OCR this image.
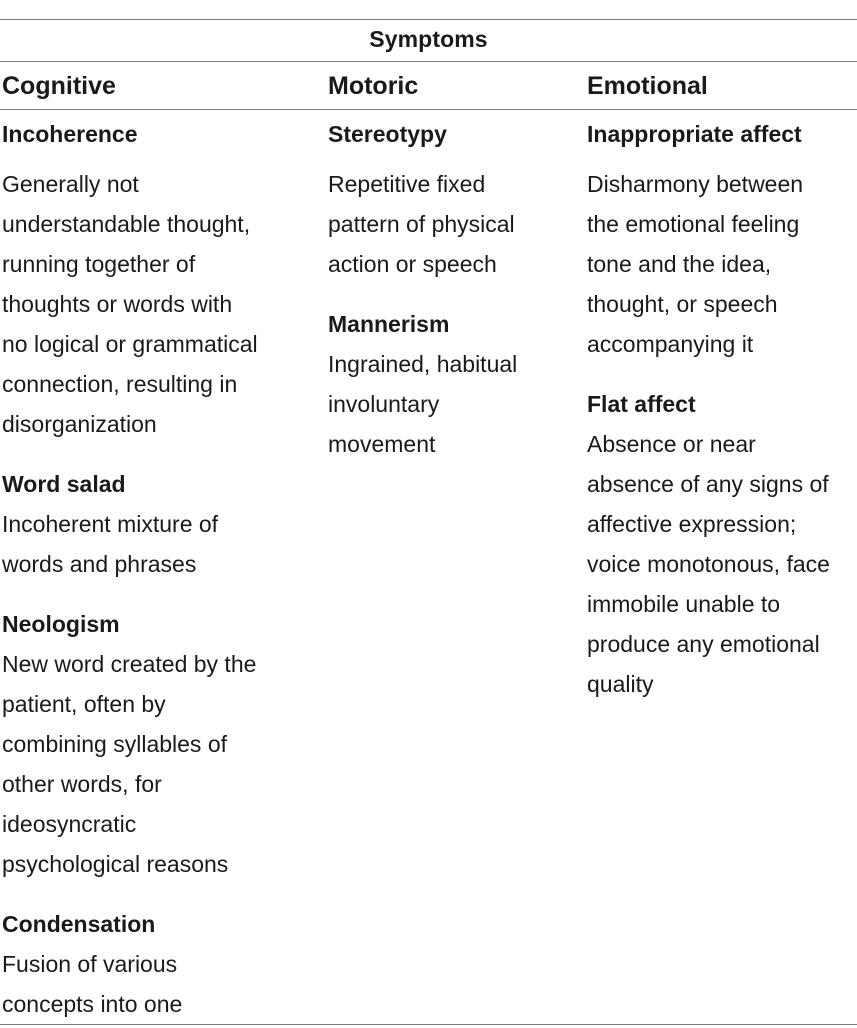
Symptoms
Cognitive	Motoric	Emotional
Incoherence
Generally not
understandable thought,
running together of
thoughts or words with
no logical or grammatical
connection, resulting in
disorganization
Word salad
Incoherent mixture of
words and phrases
Neologism
New word created by the
patient, often by
combining syllables of
other words, for
ideosyncratic
psychological reasons
Condensation
Fusion of various
concepts into one
Stereotypy
Repetitive fixed
pattern of physical
action or speech
Mannerism
Ingrained, habitual
involuntary
movement
Inappropriate affect
Disharmony between
the emotional feeling
tone and the idea,
thought, or speech
accompanying it
Flat affect
Absence or near
absence of any signs of
affective expression;
voice monotonous, face
immobile unable to
produce any emotional
quality
